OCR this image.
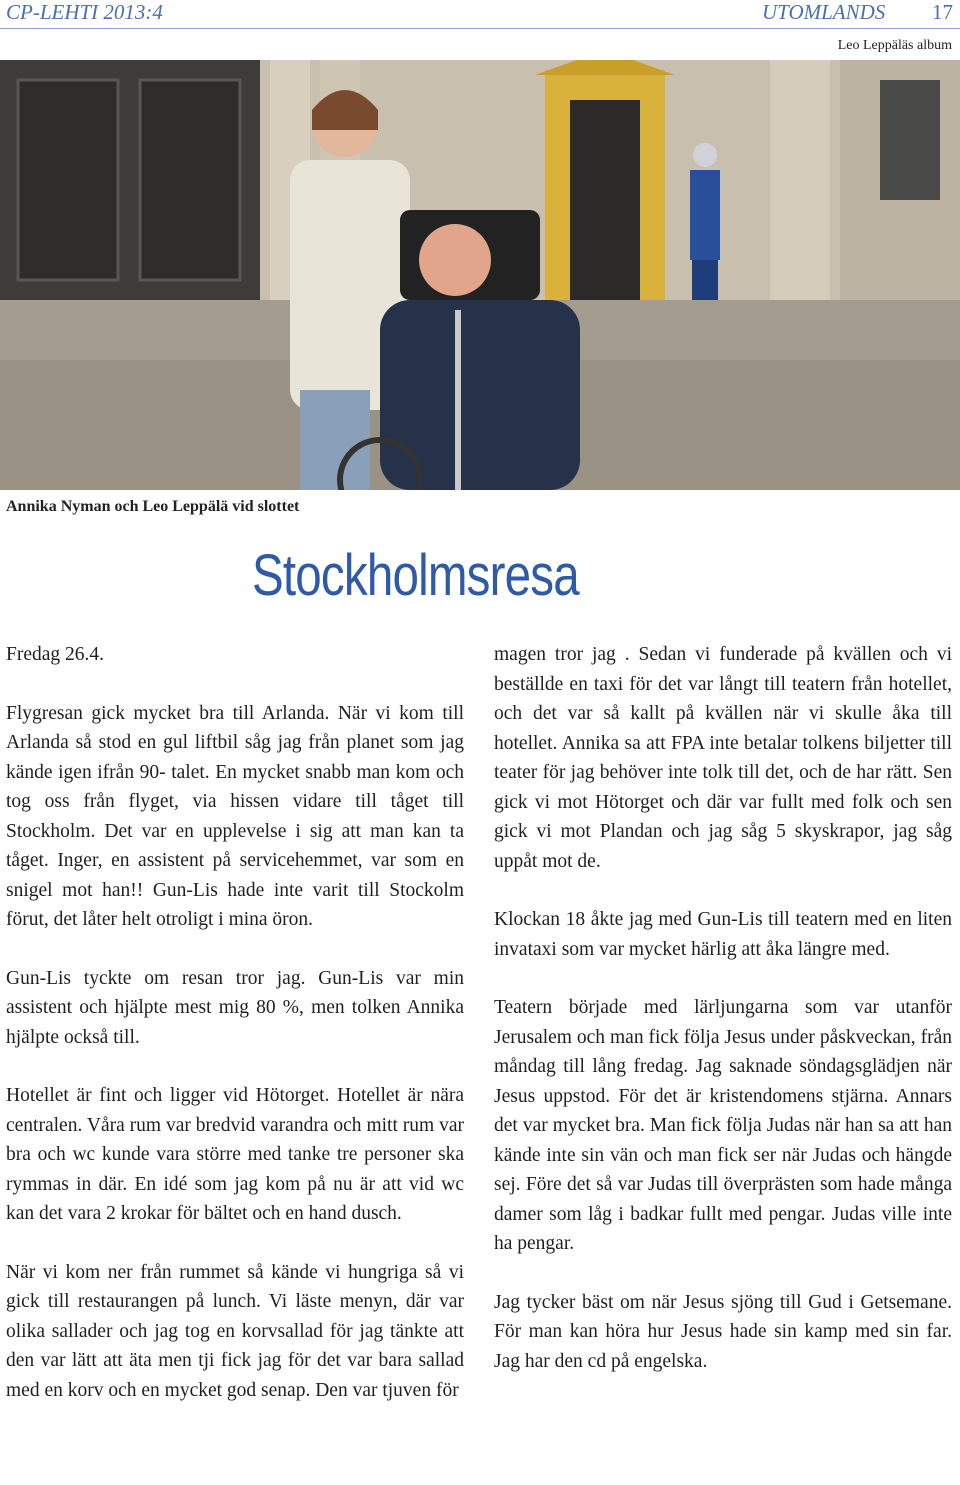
CP-LEHTI 2013:4	UTOMLANDS 17
Leo Leppäläs album
Annika Nyman och Leo Leppälä vid slottet
Stockholmsresa

Fredag 26.4.

Flygresan gick mycket bra till Arlanda. När vi kom till Arlanda så stod en gul liftbil såg jag från planet som jag kände igen ifrån 90- talet. En mycket snabb man kom och tog oss från flyget, via hissen vidare till tåget till Stockholm. Det var en upplevelse i sig att man kan ta tåget. Inger, en assistent på servicehemmet, var som en snigel mot han!! Gun-Lis hade inte varit till Stockolm förut, det låter helt otroligt i mina öron.

Gun-Lis tyckte om resan tror jag. Gun-Lis var min assistent och hjälpte mest mig 80 %, men tolken Annika hjälpte också till.

Hotellet är fint och ligger vid Hötorget. Hotellet är nära centralen. Våra rum var bredvid varandra och mitt rum var bra och wc kunde vara större med tanke tre personer ska rymmas in där. En idé som jag kom på nu är att vid wc kan det vara 2 krokar för bältet och en hand dusch.

När vi kom ner från rummet så kände vi hungriga så vi gick till restaurangen på lunch. Vi läste menyn, där var olika sallader och jag tog en korvsallad för jag tänkte att den var lätt att äta men tji fick jag för det var bara sallad med en korv och en mycket god senap. Den var tjuven för

magen tror jag . Sedan vi funderade på kvällen och vi beställde en taxi för det var långt till teatern från hotellet, och det var så kallt på kvällen när vi skulle åka till hotellet. Annika sa att FPA inte betalar tolkens biljetter till teater för jag behöver inte tolk till det, och de har rätt. Sen gick vi mot Hötorget och där var fullt med folk och sen gick vi mot Plandan och jag såg 5 skyskrapor, jag såg uppåt mot de.

Klockan 18 åkte jag med Gun-Lis till teatern med en liten invataxi som var mycket härlig att åka längre med.

Teatern började med lärljungarna som var utanför Jerusalem och man fick följa Jesus under påskveckan, från måndag till lång fredag. Jag saknade söndagsglädjen när Jesus uppstod. För det är kristendomens stjärna. Annars det var mycket bra. Man fick följa Judas när han sa att han kände inte sin vän och man fick ser när Judas och hängde sej. Före det så var Judas till överprästen som hade många damer som låg i badkar fullt med pengar. Judas ville inte ha pengar.

Jag tycker bäst om när Jesus sjöng till Gud i Getsemane. För man kan höra hur Jesus hade sin kamp med sin far. Jag har den cd på engelska.
